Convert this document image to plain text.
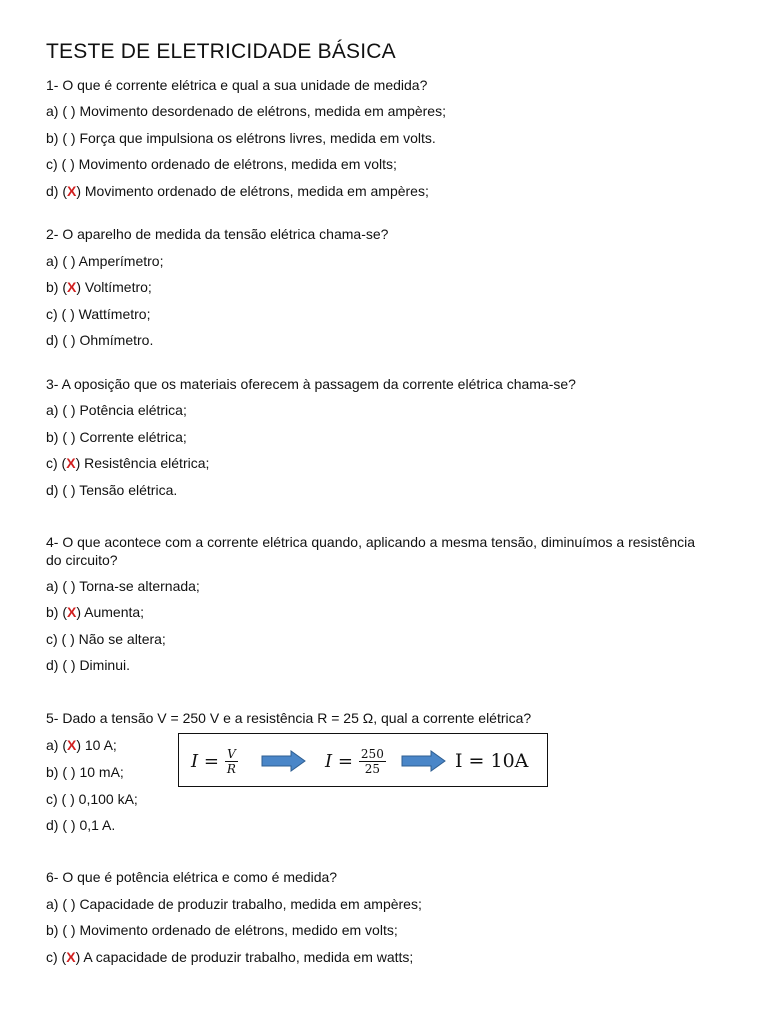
TESTE DE ELETRICIDADE BÁSICA
1- O que é corrente elétrica e qual a sua unidade de medida?
a) ( ) Movimento desordenado de elétrons, medida em ampères;
b) ( ) Força que impulsiona os elétrons livres, medida em volts.
c) ( ) Movimento ordenado de elétrons, medida em volts;
d) (X) Movimento ordenado de elétrons, medida em ampères;
2- O aparelho de medida da tensão elétrica chama-se?
a) ( ) Amperímetro;
b) (X) Voltímetro;
c) ( ) Wattímetro;
d) ( ) Ohmímetro.
3- A oposição que os materiais oferecem à passagem da corrente elétrica chama-se?
a) ( ) Potência elétrica;
b) ( ) Corrente elétrica;
c) (X) Resistência elétrica;
d) ( ) Tensão elétrica.
4- O que acontece com a corrente elétrica quando, aplicando a mesma tensão, diminuímos a resistência do circuito?
a) ( ) Torna-se alternada;
b) (X) Aumenta;
c) ( ) Não se altera;
d) ( ) Diminui.
5- Dado a tensão V = 250 V e a resistência R = 25 Ω, qual a corrente elétrica?
a) (X) 10 A;
b) ( ) 10 mA;
c) ( ) 0,100 kA;
d) ( ) 0,1 A.
$I = \frac{V}{R}$	$I = \frac{250}{25}$	I = 10A
6- O que é potência elétrica e como é medida?
a) ( ) Capacidade de produzir trabalho, medida em ampères;
b) ( ) Movimento ordenado de elétrons, medido em volts;
c) (X) A capacidade de produzir trabalho, medida em watts;
